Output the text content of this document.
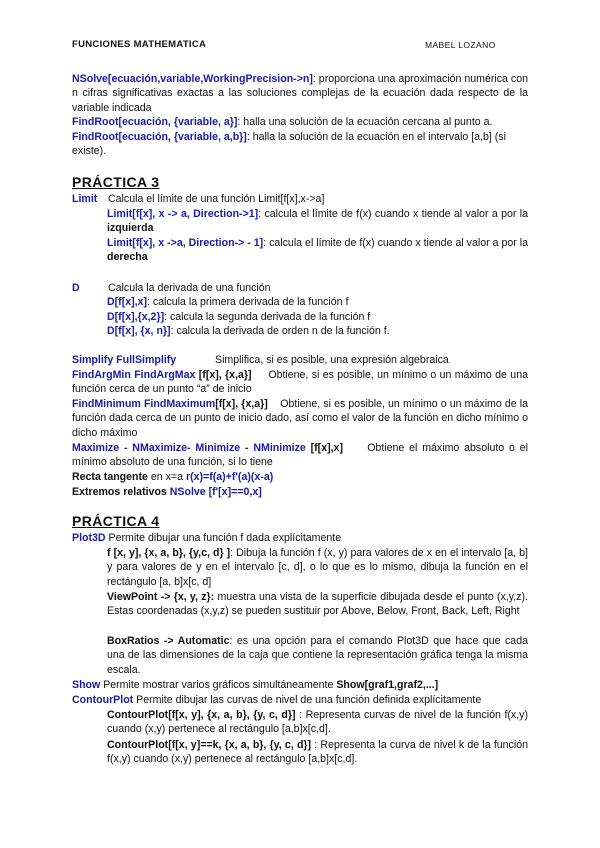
FUNCIONES MATHEMATICA	MABEL LOZANO
NSolve[ecuación,variable,WorkingPrecision->n]: proporciona una aproximación numérica con n cifras significativas exactas a las soluciones complejas de la ecuación dada respecto de la variable indicada
FindRoot[ecuación, {variable, a}]: halla una solución de la ecuación cercana al punto a.
FindRoot[ecuación, {variable, a,b}]: halla la solución de la ecuación en el intervalo [a,b] (si existe).
PRÁCTICA 3
Limit Calcula el límite de una función Limit[f[x],x->a]
Limit[f[x], x -> a, Direction->1]: calcula el límite de f(x) cuando x tiende al valor a por la izquierda
Limit[f[x], x ->a, Direction-> - 1]: calcula el límite de f(x) cuando x tiende al valor a por la derecha
D	Calcula la derivada de una función
D[f[x],x]: calcula la primera derivada de la función f
D[f[x],{x,2}]: calcula la segunda derivada de la función f
D[f[x], {x, n}]: calcula la derivada de orden n de la función f.
Simplify FullSimplify	Simplifica, si es posible, una expresión algebraica
FindArgMin FindArgMax [f[x], {x,a}] Obtiene, si es posible, un mínimo o un máximo de una función cerca de un punto “a” de inicio
FindMinimum FindMaximum[f[x], {x,a}] Obtiene, si es posible, un mínimo o un máximo de la función dada cerca de un punto de inicio dado, así como el valor de la función en dicho mínimo o dicho máximo
Maximize - NMaximize- Minimize - NMinimize [f[x],x] Obtiene el máximo absoluto o el mínimo absoluto de una función, si lo tiene
Recta tangente en x=a r(x)=f(a)+f'(a)(x-a)
Extremos relativos NSolve [f'[x]==0,x]
PRÁCTICA 4
Plot3D Permite dibujar una función f dada explícitamente
f [x, y], {x, a, b}, {y,c, d} ]: Dibuja la función f (x, y) para valores de x en el intervalo [a, b] y para valores de y en el intervalo [c, d], o lo que es lo mismo, dibuja la función en el rectángulo [a, b]x[c, d]
ViewPoint -> {x, y, z}: muestra una vista de la superficie dibujada desde el punto (x,y,z). Estas coordenadas (x,y,z) se pueden sustituir por Above, Below, Front, Back, Left, Right
BoxRatios -> Automatic: es una opción para el comando Plot3D que hace que cada una de las dimensiones de la caja que contiene la representación gráfica tenga la misma escala.
Show Permite mostrar varios gráficos simultáneamente Show[graf1,graf2,...]
ContourPlot Permite dibujar las curvas de nivel de una función definida explícitamente
ContourPlot[f[x, y], {x, a, b}, {y, c, d}] : Representa curvas de nivel de la función f(x,y) cuando (x,y) pertenece al rectángulo [a,b]x[c,d].
ContourPlot[f[x, y]==k, {x, a, b}, {y, c, d}] : Representa la curva de nivel k de la función f(x,y) cuando (x,y) pertenece al rectángulo [a,b]x[c,d].
